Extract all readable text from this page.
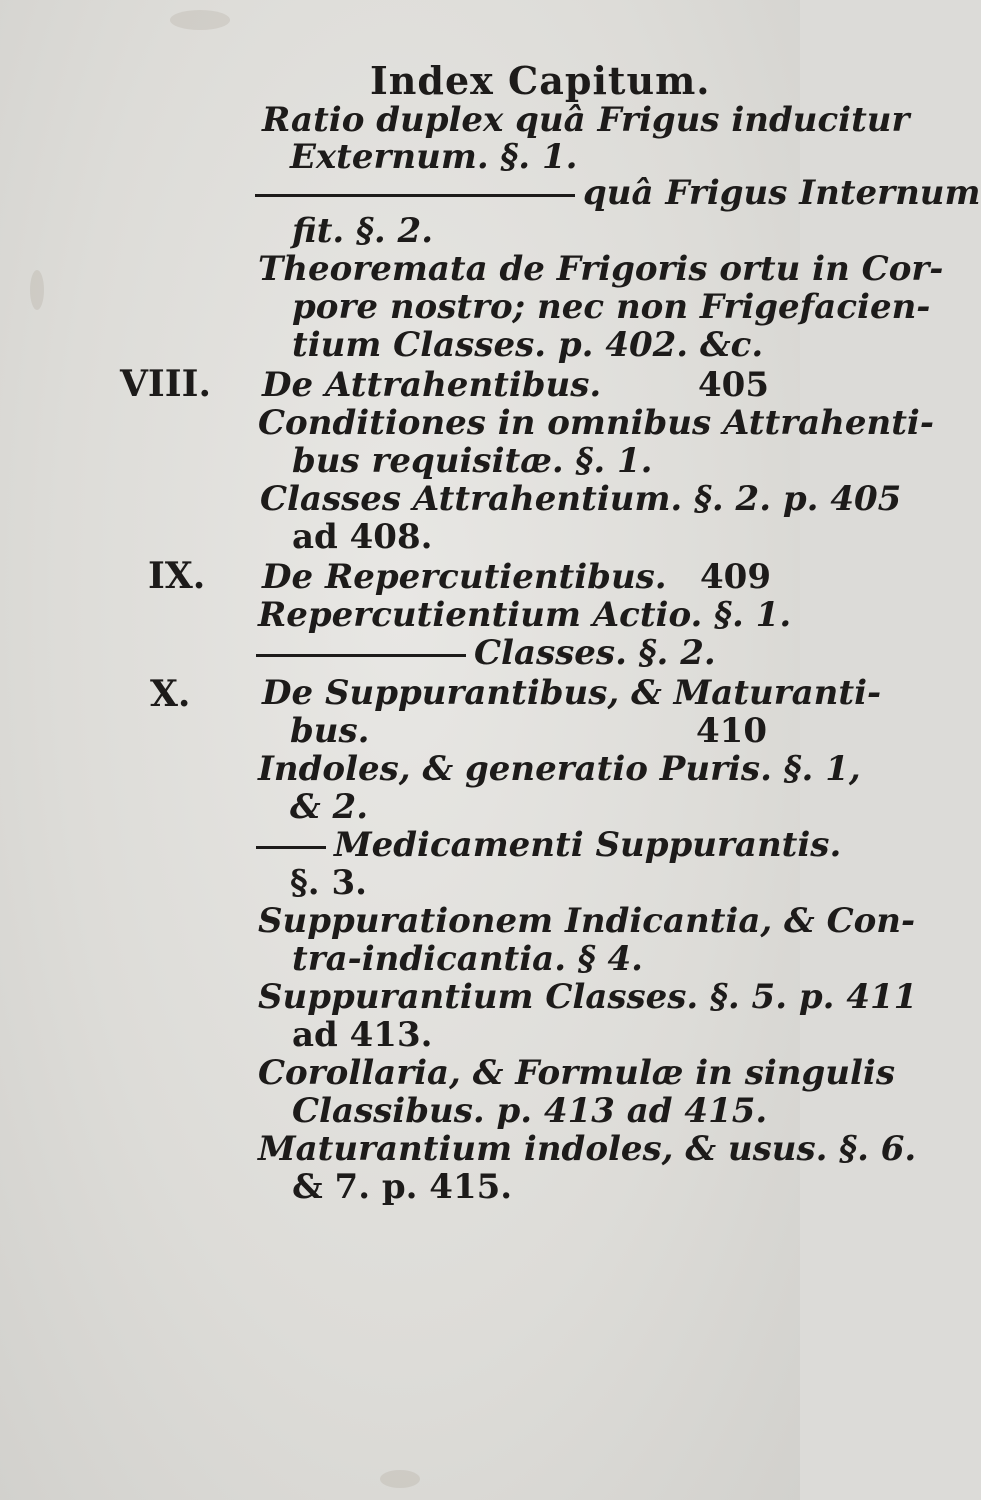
Index Capitum.
Ratio duplex quâ Frigus inducitur
Externum. §. 1.
quâ Frigus Internum
fit. §. 2.
Theoremata de Frigoris ortu in Cor-
pore nostro; nec non Frigefacien-
tium Classes. p. 402. &c.
VIII. De Attrahentibus.	405
Conditiones in omnibus Attrahenti-
bus requisitæ. §. 1.
Classes Attrahentium. §. 2. p. 405
ad 408.
IX. De Repercutientibus. 409
Repercutientium Actio. §. 1.
Classes. §. 2.
X. De Suppurantibus, & Maturanti-
bus.	410
Indoles, & generatio Puris. §. 1,
& 2.
Medicamenti Suppurantis.
§. 3.
Suppurationem Indicantia, & Con-
tra-indicantia. § 4.
Suppurantium Classes. §. 5. p. 411
ad 413.
Corollaria, & Formulæ in singulis
Classibus. p. 413 ad 415.
Maturantium indoles, & usus. §. 6.
& 7. p. 415.
